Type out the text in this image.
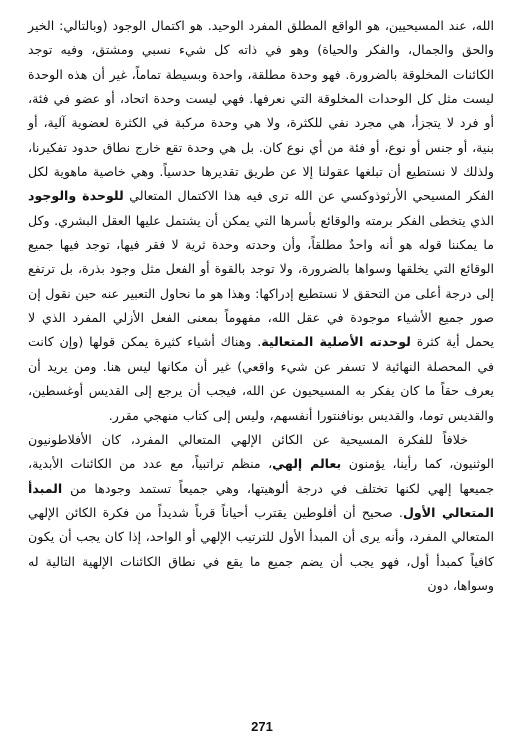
الله، عند المسيحيين، هو الواقع المطلق المفرد الوحيد. هو اكتمال الوجود (وبالتالي: الخير والحق والجمال، والفكر والحياة) وهو في ذاته كل شيء نسبي ومشتق، وفيه توجد الكائنات المخلوقة بالضرورة. فهو وحدة مطلقة، واحدة وبسيطة تماماً، غير أن هذه الوحدة ليست مثل كل الوحدات المخلوقة التي نعرفها. فهي ليست وحدة اتحاد، أو عضو في فئة، أو فرد لا يتجزأ، هي مجرد نفي للكثرة، ولا هي وحدة مركبة في الكثرة لعضوية آلية، أو بنية، أو جنس أو نوع، أو فئة من أي نوع كان. بل هي وحدة تقع خارج نطاق حدود تفكيرنا، ولذلك لا نستطيع أن تبلغها عقولنا إلا عن طريق تقديرها حدسياً. وهي خاصية ماهوية لكل الفكر المسيحي الأرثوذوكسي عن الله ترى فيه هذا الاكتمال المتعالي للوحدة والوجود الذي يتخطى الفكر برمته والوقائع بأسرها التي يمكن أن يشتمل عليها العقل البشري. وكل ما يمكننا قوله هو أنه واحدٌ مطلقاً، وأن وحدته وحدة ثرية لا فقر فيها، توجد فيها جميع الوقائع التي يخلقها وسواها بالضرورة، ولا توجد بالقوة أو الفعل مثل وجود بذرة، بل ترتفع إلى درجة أعلى من التحقق لا نستطيع إدراكها: وهذا هو ما نحاول التعبير عنه حين نقول إن صور جميع الأشياء موجودة في عقل الله، مفهوماً بمعنى الفعل الأزلي المفرد الذي لا يحمل أية كثرة لوحدته الأصلية المتعالية. وهناك أشياء كثيرة يمكن قولها (وإن كانت في المحصلة النهائية لا تسفر عن شيء واقعي) غير أن مكانها ليس هنا. ومن يريد أن يعرف حقاً ما كان يفكر به المسيحيون عن الله، فيجب أن يرجع إلى القديس أوغسطين، والقديس توما، والقديس بونافنتورا أنفسهم، وليس إلى كتاب منهجي مقرر.

خلافاً للفكرة المسيحية عن الكائن الإلهي المتعالي المفرد، كان الأفلاطونيون الوثنيون، كما رأينا، يؤمنون بعالم إلهي، منظم تراتبياً، مع عدد من الكائنات الأبدية، جميعها إلهي لكنها تختلف في درجة ألوهيتها، وهي جميعاً تستمد وجودها من المبدأ المتعالي الأول. صحيح أن أفلوطين يقترب أحياناً قرباً شديداً من فكرة الكائن الإلهي المتعالي المفرد، وأنه يرى أن المبدأ الأول للترتيب الإلهي أو الواحد، إذا كان يجب أن يكون كافياً كمبدأ أول، فهو يجب أن يضم جميع ما يقع في نطاق الكائنات الإلهية التالية له وسواها، دون

271
